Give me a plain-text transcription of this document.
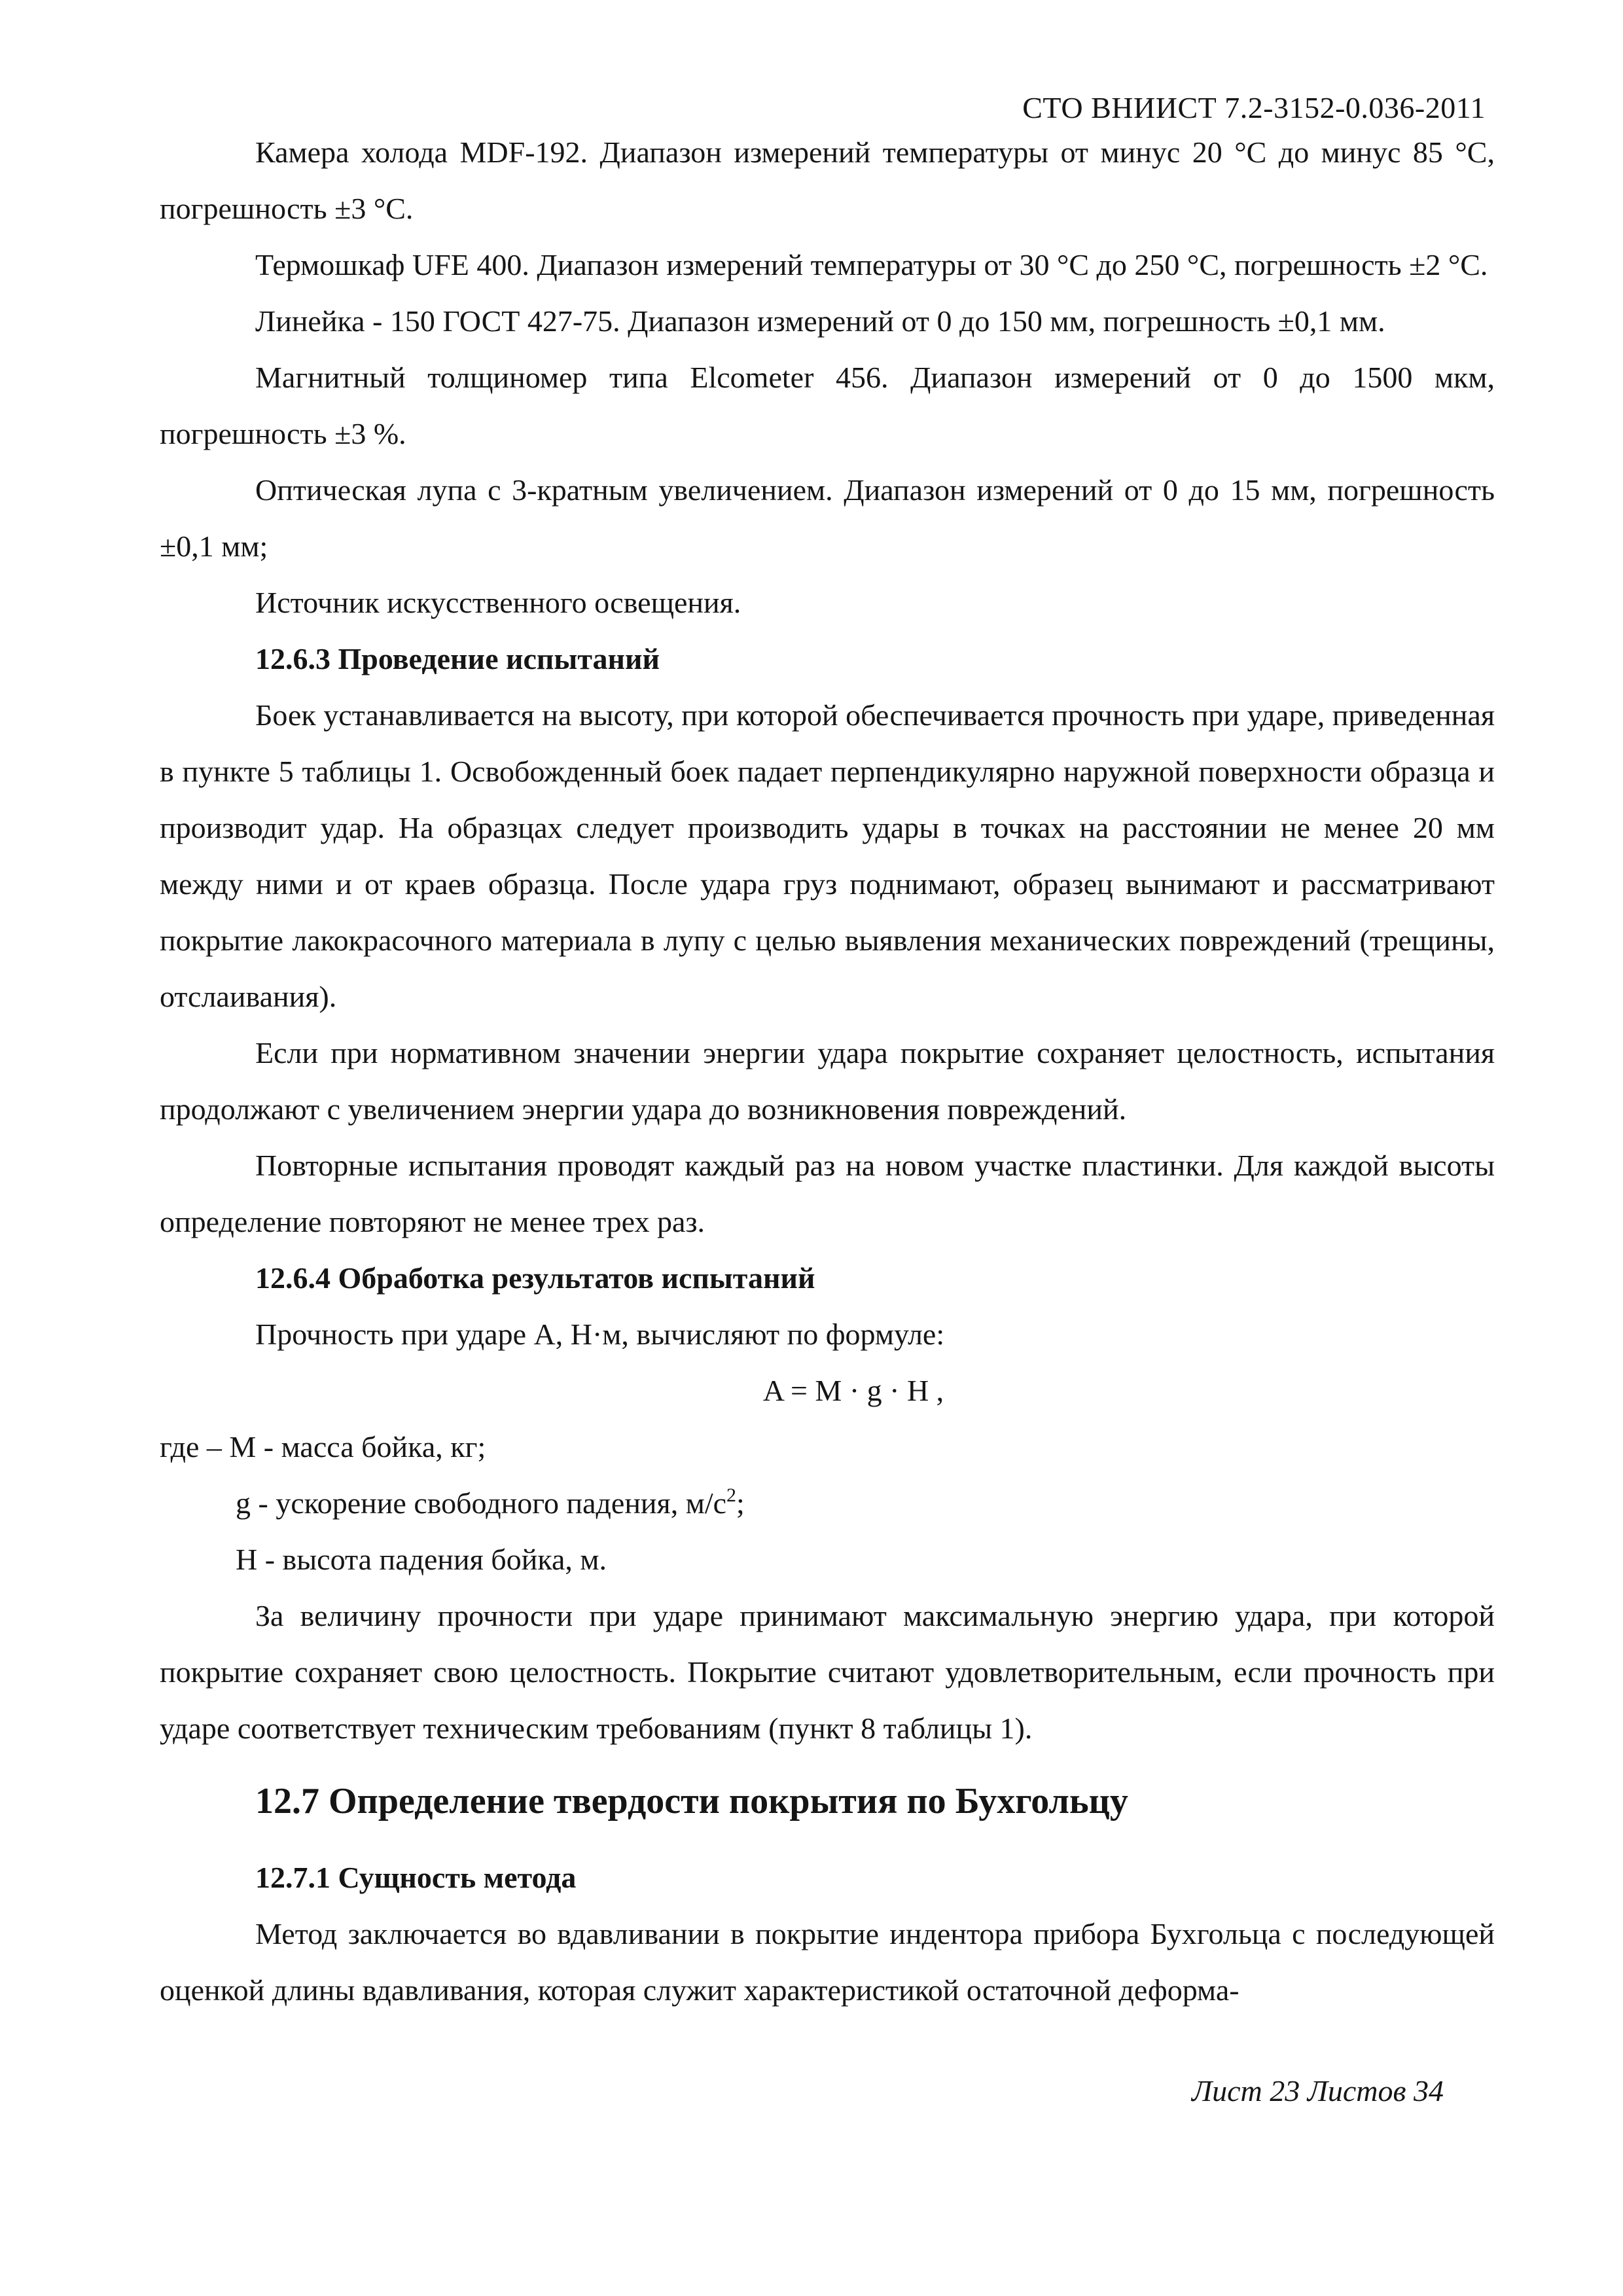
СТО ВНИИСТ 7.2-3152-0.036-2011

Камера холода MDF-192. Диапазон измерений температуры от минус 20 °С до минус 85 °С, погрешность ±3 °С.

Термошкаф UFE 400. Диапазон измерений температуры от 30 °С до 250 °С, погрешность ±2 °С.

Линейка - 150 ГОСТ 427-75. Диапазон измерений от 0 до 150 мм, погрешность ±0,1 мм.

Магнитный толщиномер типа Elcometer 456. Диапазон измерений от 0 до 1500 мкм, погрешность ±3 %.

Оптическая лупа с 3-кратным увеличением. Диапазон измерений от 0 до 15 мм, погрешность ±0,1 мм;

Источник искусственного освещения.

12.6.3 Проведение испытаний

Боек устанавливается на высоту, при которой обеспечивается прочность при ударе, приведенная в пункте 5 таблицы 1. Освобожденный боек падает перпендикулярно наружной поверхности образца и производит удар. На образцах следует производить удары в точках на расстоянии не менее 20 мм между ними и от краев образца. После удара груз поднимают, образец вынимают и рассматривают покрытие лакокрасочного материала в лупу с целью выявления механических повреждений (трещины, отслаивания).

Если при нормативном значении энергии удара покрытие сохраняет целостность, испытания продолжают с увеличением энергии удара до возникновения повреждений.

Повторные испытания проводят каждый раз на новом участке пластинки. Для каждой высоты определение повторяют не менее трех раз.

12.6.4 Обработка результатов испытаний

Прочность при ударе А, Н·м, вычисляют по формуле:

A = M · g · H ,

где – М - масса бойка, кг;

g - ускорение свободного падения, $м/с^2$;

Н - высота падения бойка, м.

За величину прочности при ударе принимают максимальную энергию удара, при которой покрытие сохраняет свою целостность. Покрытие считают удовлетворительным, если прочность при ударе соответствует техническим требованиям (пункт 8 таблицы 1).

12.7 Определение твердости покрытия по Бухгольцу

12.7.1 Сущность метода

Метод заключается во вдавливании в покрытие индентора прибора Бухгольца с последующей оценкой длины вдавливания, которая служит характеристикой остаточной деформа-

Лист 23 Листов 34
